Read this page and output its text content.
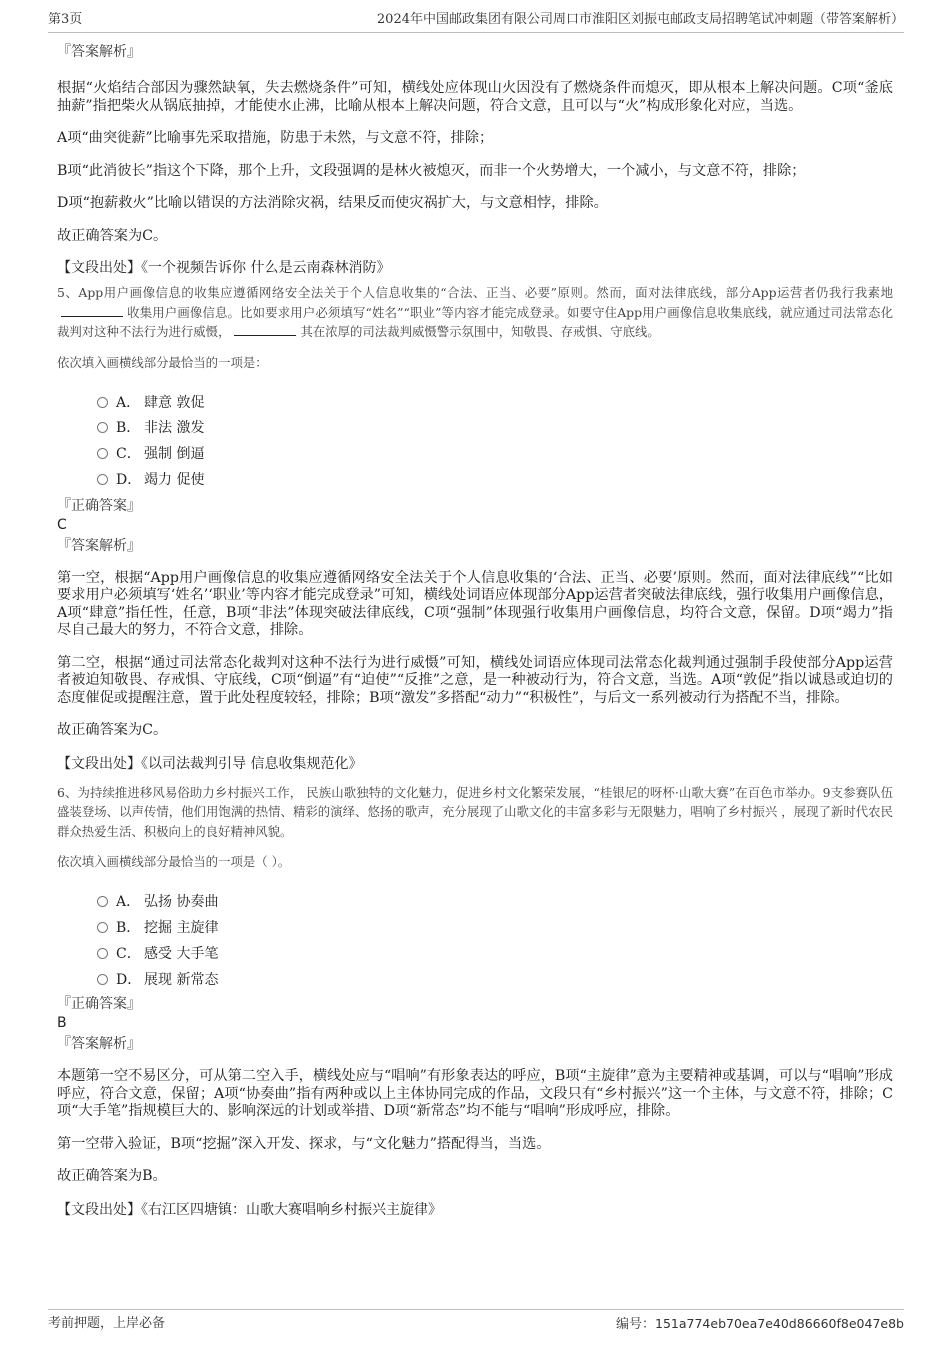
第3页	2024年中国邮政集团有限公司周口市淮阳区刘振屯邮政支局招聘笔试冲刺题（带答案解析）

『答案解析』

根据“火焰结合部因为骤然缺氧，失去燃烧条件”可知，横线处应体现山火因没有了燃烧条件而熄灭，即从根本上解决问题。C项“釜底抽薪”指把柴火从锅底抽掉，才能使水止沸，比喻从根本上解决问题，符合文意，且可以与“火”构成形象化对应，当选。

A项“曲突徙薪”比喻事先采取措施，防患于未然，与文意不符，排除；

B项“此消彼长”指这个下降，那个上升，文段强调的是林火被熄灭，而非一个火势增大，一个减小，与文意不符，排除；

D项“抱薪救火”比喻以错误的方法消除灾祸，结果反而使灾祸扩大，与文意相悖，排除。

故正确答案为C。

【文段出处】《一个视频告诉你 什么是云南森林消防》

5、App用户画像信息的收集应遵循网络安全法关于个人信息收集的“合法、正当、必要”原则。然而，面对法律底线，部分App运营者仍我行我素地收集用户画像信息。比如要求用户必须填写“姓名”“职业”等内容才能完成登录。如要守住App用户画像信息收集底线，就应通过司法常态化裁判对这种不法行为进行威慑，	其在浓厚的司法裁判威慑警示氛围中，知敬畏、存戒惧、守底线。

依次填入画横线部分最恰当的一项是：

A． 肆意 敦促
B． 非法 激发
C． 强制 倒逼
D． 竭力 促使

『正确答案』

C

『答案解析』

第一空，根据“App用户画像信息的收集应遵循网络安全法关于个人信息收集的‘合法、正当、必要’原则。然而，面对法律底线”“比如要求用户必须填写‘姓名’‘职业’等内容才能完成登录”可知，横线处词语应体现部分App运营者突破法律底线，强行收集用户画像信息，A项“肆意”指任性，任意，B项“非法”体现突破法律底线，C项“强制”体现强行收集用户画像信息，均符合文意，保留。D项“竭力”指尽自己最大的努力，不符合文意，排除。

第二空，根据“通过司法常态化裁判对这种不法行为进行威慑”可知，横线处词语应体现司法常态化裁判通过强制手段使部分App运营者被迫知敬畏、存戒惧、守底线，C项“倒逼”有“迫使”“反推”之意，是一种被动行为，符合文意，当选。A项“敦促”指以诚恳或迫切的态度催促或提醒注意，置于此处程度较轻，排除；B项“激发”多搭配“动力”“积极性”，与后文一系列被动行为搭配不当，排除。

故正确答案为C。

【文段出处】《以司法裁判引导 信息收集规范化》

6、为持续推进移风易俗助力乡村振兴工作， 民族山歌独特的文化魅力，促进乡村文化繁荣发展，“桂银尼的呀杯·山歌大赛”在百色市举办。9支参赛队伍盛装登场、以声传情，他们用饱满的热情、精彩的演绎、悠扬的歌声，充分展现了山歌文化的丰富多彩与无限魅力，唱响了乡村振兴 ，展现了新时代农民群众热爱生活、积极向上的良好精神风貌。

依次填入画横线部分最恰当的一项是（ ）。

A． 弘扬 协奏曲
B． 挖掘 主旋律
C． 感受 大手笔
D． 展现 新常态

『正确答案』

B

『答案解析』

本题第一空不易区分，可从第二空入手，横线处应与“唱响”有形象表达的呼应，B项“主旋律”意为主要精神或基调，可以与“唱响”形成呼应，符合文意，保留；A项“协奏曲”指有两种或以上主体协同完成的作品，文段只有“乡村振兴”这一个主体，与文意不符，排除；C项“大手笔”指规模巨大的、影响深远的计划或举措、D项“新常态”均不能与“唱响”形成呼应，排除。

第一空带入验证，B项“挖掘”深入开发、探求，与“文化魅力”搭配得当，当选。

故正确答案为B。

【文段出处】《右江区四塘镇：山歌大赛唱响乡村振兴主旋律》

考前押题，上岸必备	编号：151a774eb70ea7e40d86660f8e047e8b
